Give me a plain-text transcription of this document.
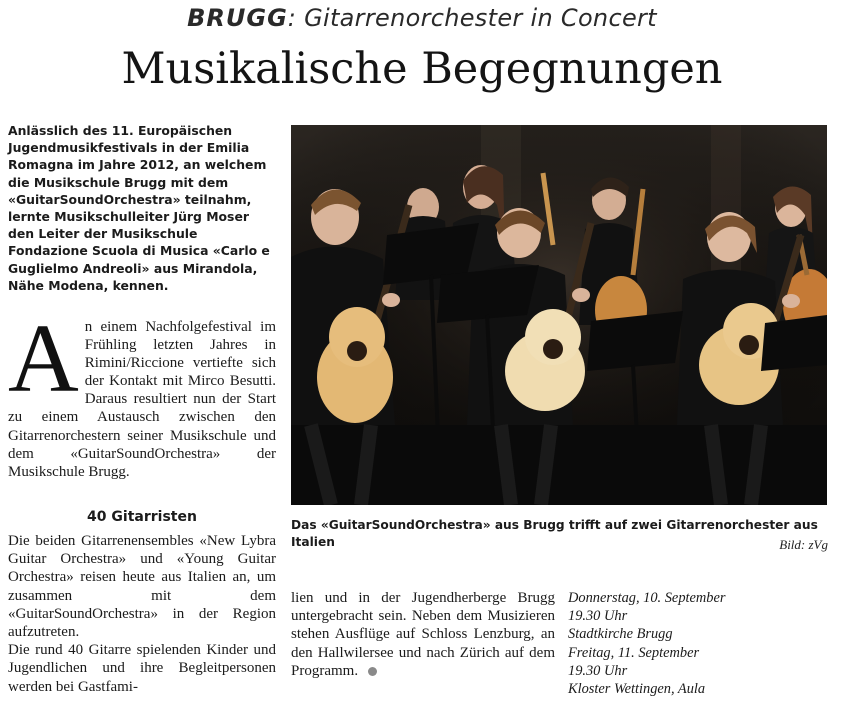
BRUGG: Gitarrenorchester in Concert
Musikalische Begegnungen
Anlässlich des 11. Europäischen Jugendmusikfestivals in der Emilia Romagna im Jahre 2012, an welchem die Musikschule Brugg mit dem «GuitarSoundOrchestra» teilnahm, lernte Musikschulleiter Jürg Moser den Leiter der Musikschule Fondazione Scuola di Musica «Carlo e Guglielmo Andreoli» aus Mirandola, Nähe Modena, kennen.
An einem Nachfolgefestival im Frühling letzten Jahres in Rimini/Riccione vertiefte sich der Kontakt mit Mirco Besutti. Daraus resultiert nun der Start zu einem Austausch zwischen den Gitarrenorchestern seiner Musikschule und dem «GuitarSoundOrchestra» der Musikschule Brugg.
40 Gitarristen

Die beiden Gitarrenensembles «New Lybra Guitar Orchestra» und «Young Guitar Orchestra» reisen heute aus Italien an, um zusammen mit dem «GuitarSoundOrchestra» in der Region aufzutreten.

Die rund 40 Gitarre spielenden Kinder und Jugendlichen und ihre Begleitpersonen werden bei Gastfami-

lien und in der Jugendherberge Brugg untergebracht sein. Neben dem Musizieren stehen Ausflüge auf Schloss Lenzburg, an den Hallwilersee und nach Zürich auf dem Programm.

Donnerstag, 10. September
19.30 Uhr
Stadtkirche Brugg
Freitag, 11. September
19.30 Uhr
Kloster Wettingen, Aula
Das «GuitarSoundOrchestra» aus Brugg trifft auf zwei Gitarrenorchester aus Italien	Bild: zVg
